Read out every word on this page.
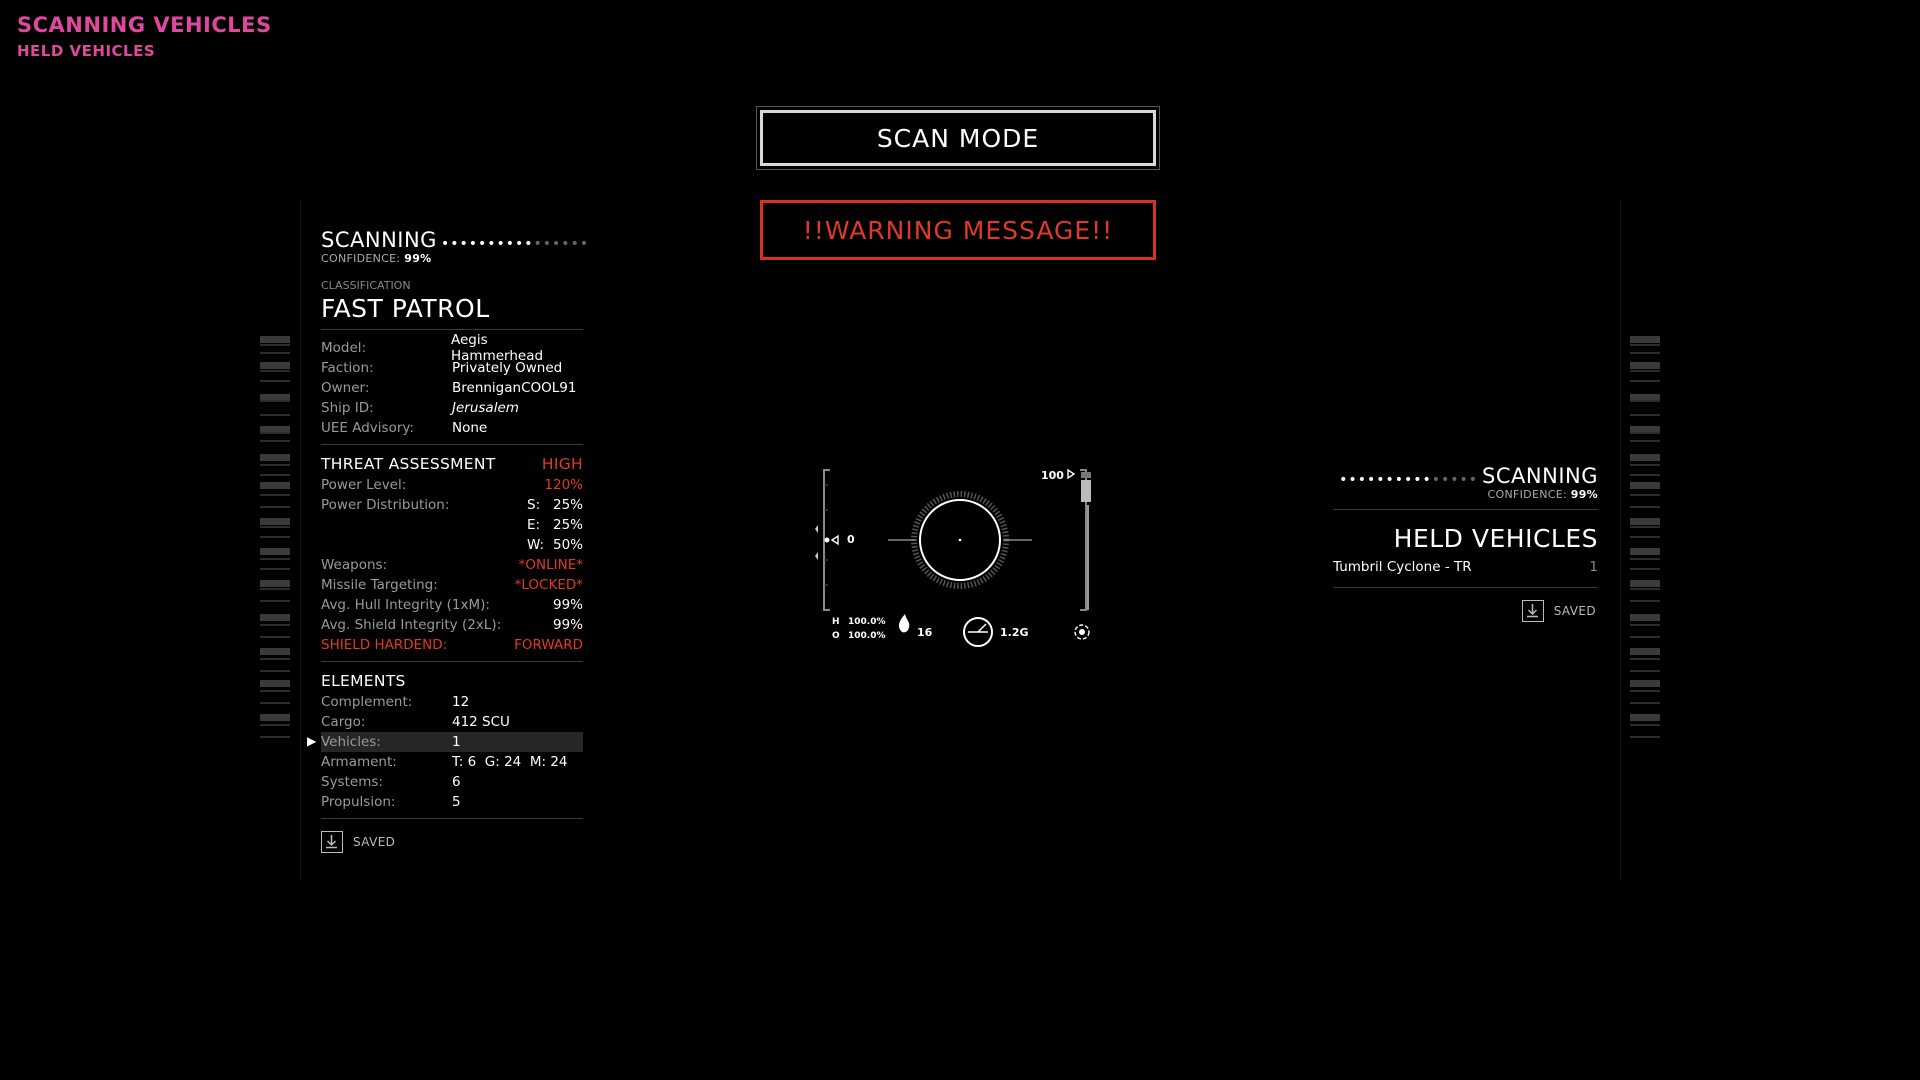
SCANNING VEHICLES
HELD VEHICLES
SCAN MODE
!!WARNING MESSAGE!!
SCANNING ••••••••••••••••
CONFIDENCE: 99%
CLASSIFICATION
FAST PATROL
Model:	Aegis Hammerhead
Faction:	Privately Owned
Owner:	BrenniganCOOL91
Ship ID:	Jerusalem
UEE Advisory:	None
THREAT ASSESSMENT	HIGH
Power Level:	120%
Power Distribution:	S: 25%
E: 25%
W: 50%
Weapons:	*ONLINE*
Missile Targeting:	*LOCKED*
Avg. Hull Integrity (1xM):	99%
Avg. Shield Integrity (2xL):	99%
SHIELD HARDEND:	FORWARD
ELEMENTS
Complement:	12
Cargo:	412 SCU
▶ Vehicles:	1
Armament:	T: 6  G: 24  M: 24
Systems:	6
Propulsion:	5
SAVED
••••••••••••••• SCANNING
CONFIDENCE: 99%
HELD VEHICLES
Tumbril Cyclone - TR	1
SAVED
100
0
H 100.0%
O 100.0%	16	1.2G
